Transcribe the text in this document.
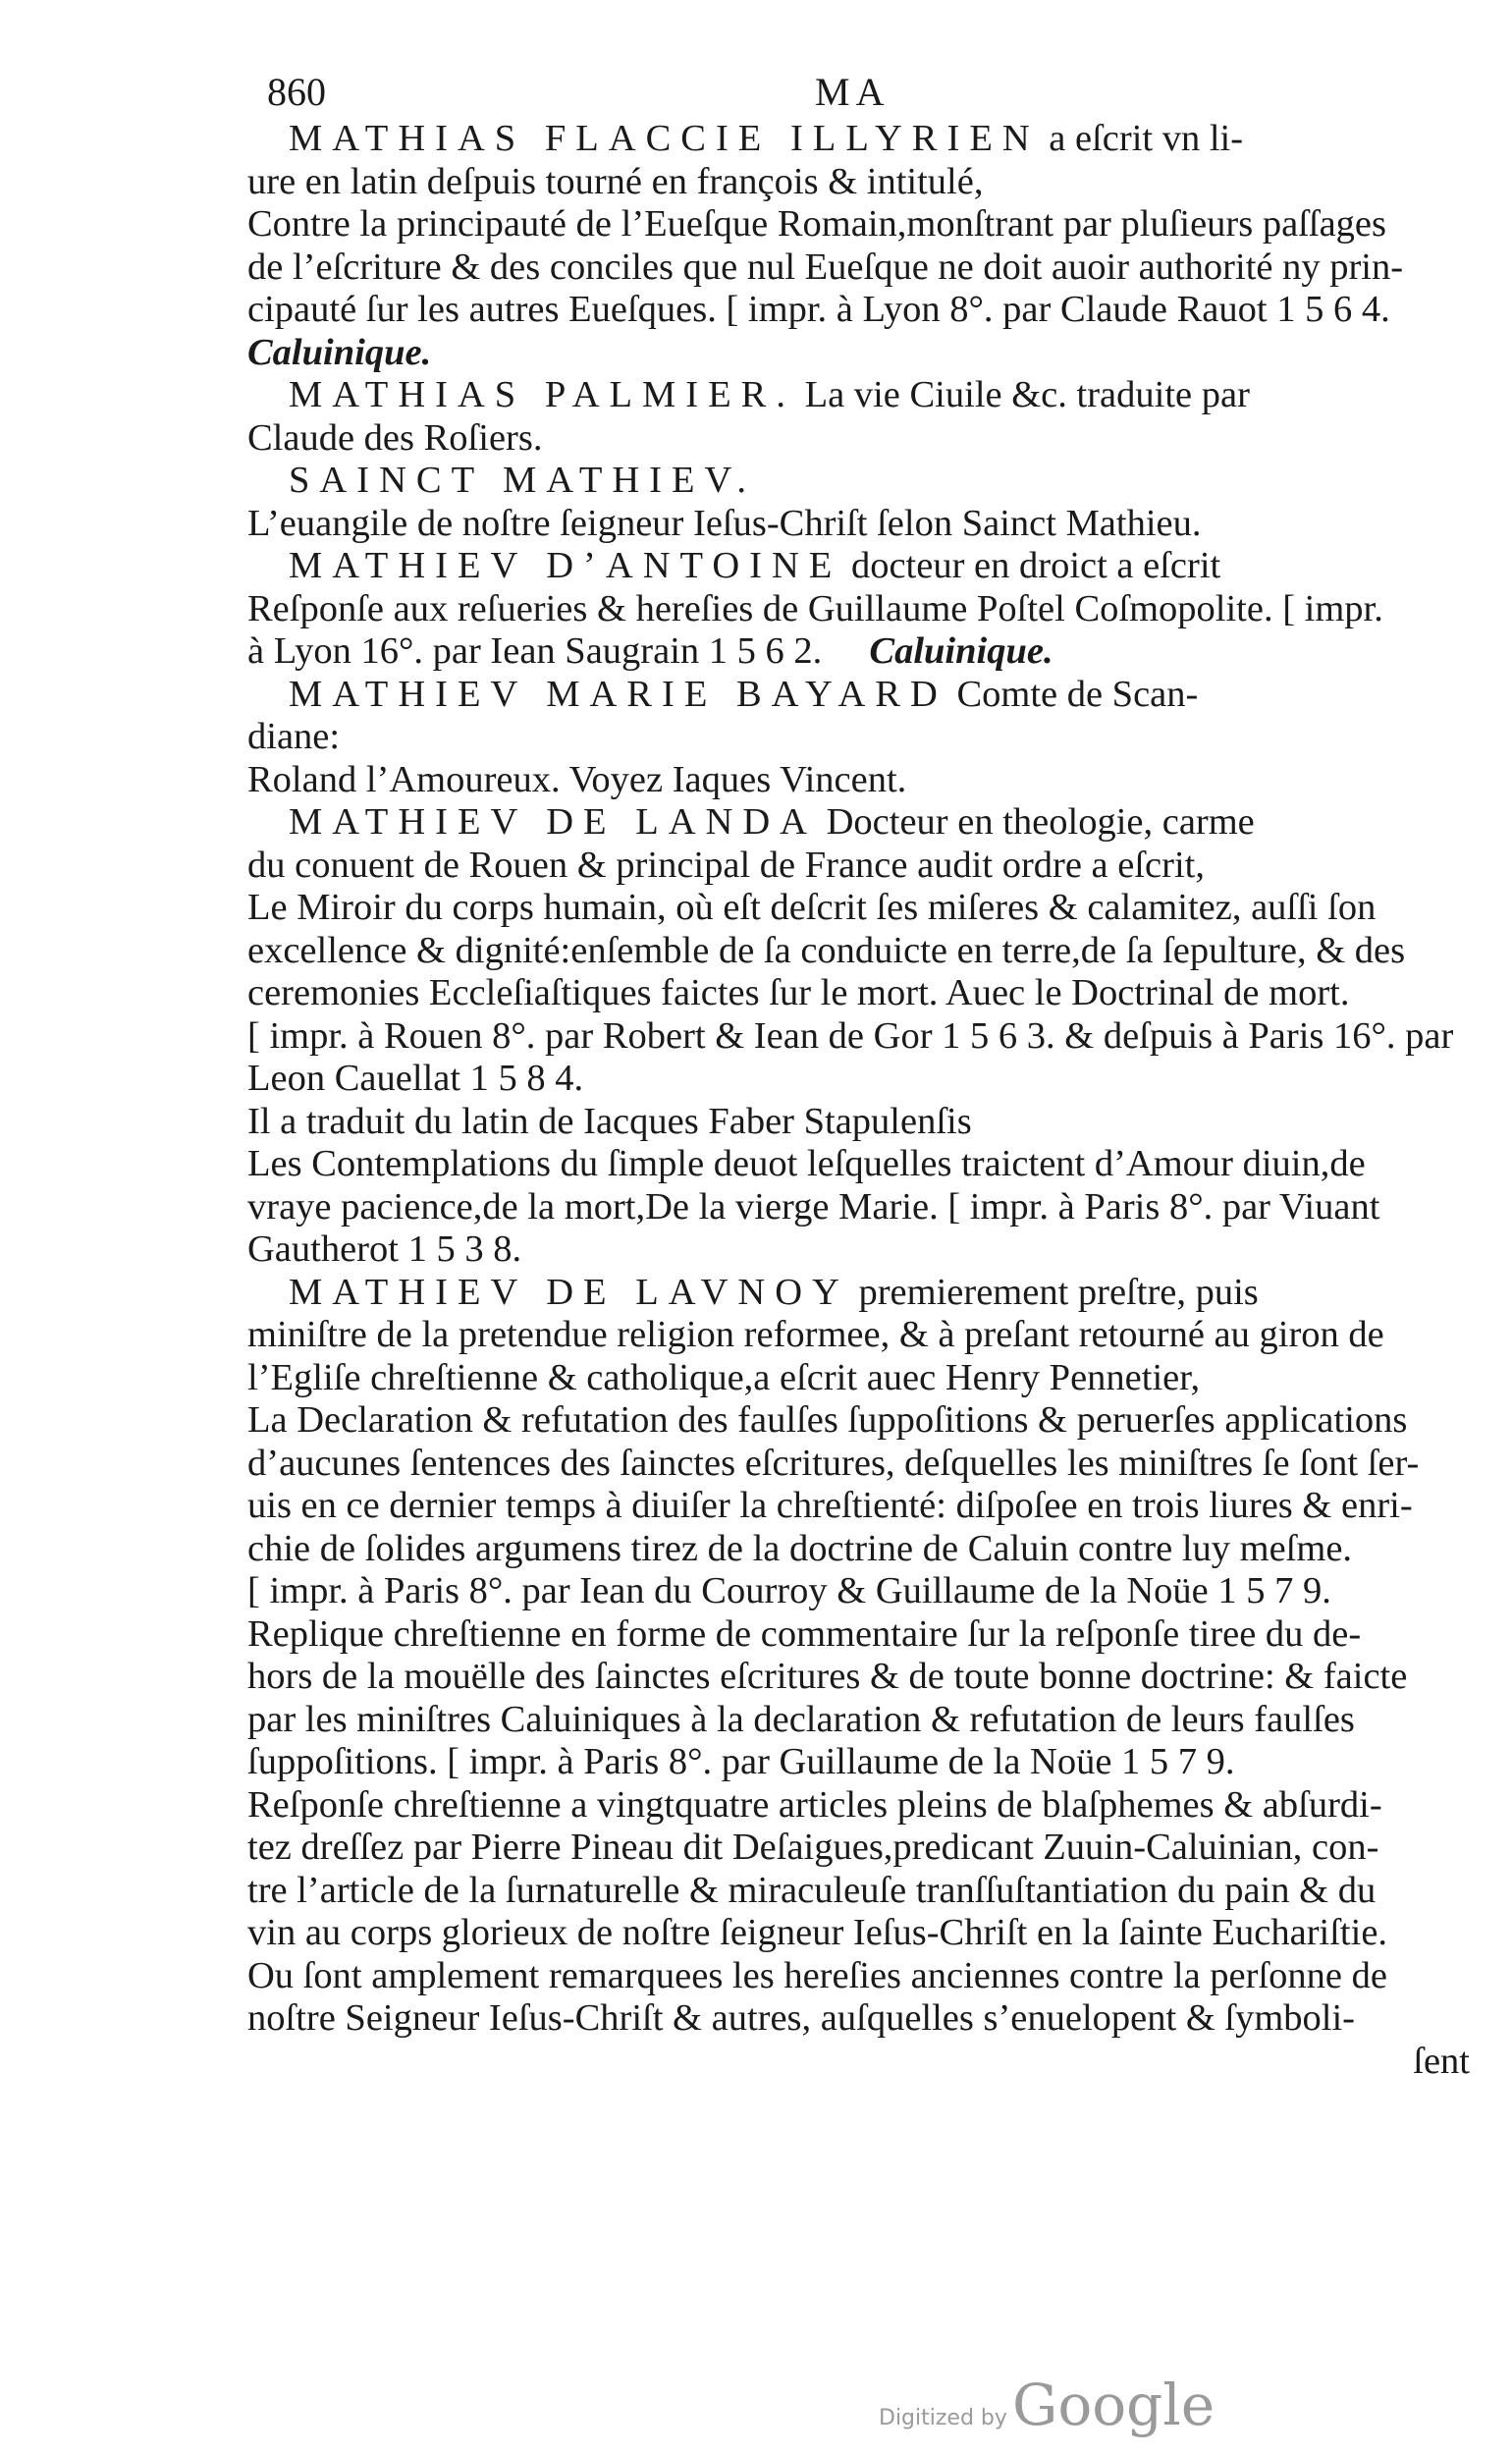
860	MA

MATHIAS FLACCIE ILLYRIEN a eſcrit vn li-

ure en latin deſpuis tourné en françois & intitulé,

Contre la principauté de l’Eueſque Romain,monſtrant par pluſieurs paſſages

de l’eſcriture & des conciles que nul Eueſque ne doit auoir authorité ny prin-

cipauté ſur les autres Eueſques. [ impr. à Lyon 8°. par Claude Rauot 1 5 6 4.

Caluinique.

MATHIAS PALMIER. La vie Ciuile &c. traduite par

Claude des Roſiers.

SAINCT MATHIEV.

L’euangile de noſtre ſeigneur Ieſus-Chriſt ſelon Sainct Mathieu.

MATHIEV D’ANTOINE docteur en droict a eſcrit

Reſponſe aux reſueries & hereſies de Guillaume Poſtel Coſmopolite. [ impr.

à Lyon 16°. par Iean Saugrain 1 5 6 2. Caluinique.

MATHIEV MARIE BAYARD Comte de Scan-

diane:

Roland l’Amoureux. Voyez Iaques Vincent.

MATHIEV DE LANDA Docteur en theologie, carme

du conuent de Rouen & principal de France audit ordre a eſcrit,

Le Miroir du corps humain, où eſt deſcrit ſes miſeres & calamitez, auſſi ſon

excellence & dignité:enſemble de ſa conduicte en terre,de ſa ſepulture, & des

ceremonies Eccleſiaſtiques faictes ſur le mort. Auec le Doctrinal de mort.

[ impr. à Rouen 8°. par Robert & Iean de Gor 1 5 6 3. & deſpuis à Paris 16°. par

Leon Cauellat 1 5 8 4.

Il a traduit du latin de Iacques Faber Stapulenſis

Les Contemplations du ſimple deuot leſquelles traictent d’Amour diuin,de

vraye pacience,de la mort,De la vierge Marie. [ impr. à Paris 8°. par Viuant

Gautherot 1 5 3 8.

MATHIEV DE LAVNOY premierement preſtre, puis

miniſtre de la pretendue religion reformee, & à preſant retourné au giron de

l’Egliſe chreſtienne & catholique,a eſcrit auec Henry Pennetier,

La Declaration & refutation des faulſes ſuppoſitions & peruerſes applications

d’aucunes ſentences des ſainctes eſcritures, deſquelles les miniſtres ſe ſont ſer-

uis en ce dernier temps à diuiſer la chreſtienté: diſpoſee en trois liures & enri-

chie de ſolides argumens tirez de la doctrine de Caluin contre luy meſme.

[ impr. à Paris 8°. par Iean du Courroy & Guillaume de la Noüe 1 5 7 9.

Replique chreſtienne en forme de commentaire ſur la reſponſe tiree du de-

hors de la mouëlle des ſainctes eſcritures & de toute bonne doctrine: & faicte

par les miniſtres Caluiniques à la declaration & refutation de leurs faulſes

ſuppoſitions. [ impr. à Paris 8°. par Guillaume de la Noüe 1 5 7 9.

Reſponſe chreſtienne a vingtquatre articles pleins de blaſphemes & abſurdi-

tez dreſſez par Pierre Pineau dit Deſaigues,predicant Zuuin-Caluinian, con-

tre l’article de la ſurnaturelle & miraculeuſe tranſſuſtantiation du pain & du

vin au corps glorieux de noſtre ſeigneur Ieſus-Chriſt en la ſainte Euchariſtie.

Ou ſont amplement remarquees les hereſies anciennes contre la perſonne de

noſtre Seigneur Ieſus-Chriſt & autres, auſquelles s’enuelopent & ſymboli-

ſent

Digitized by Google
